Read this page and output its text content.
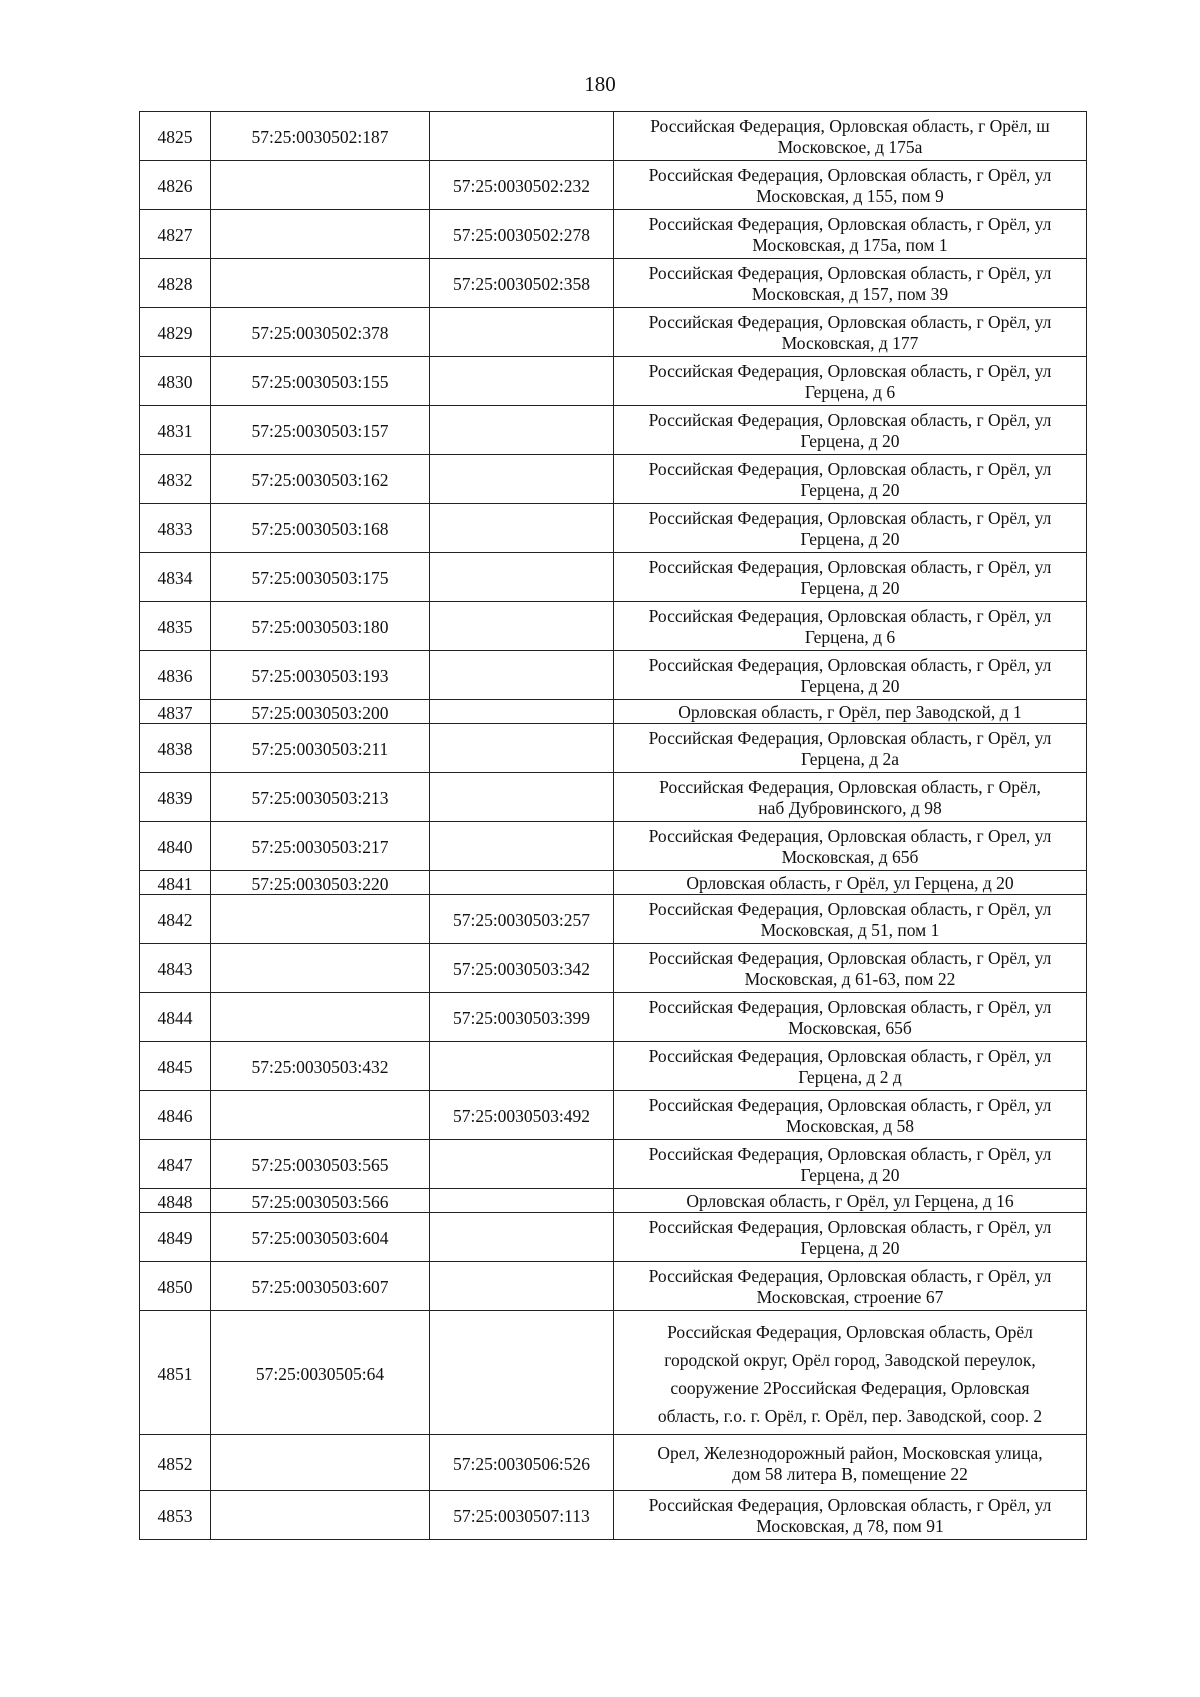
180
4825	57:25:0030502:187		Российская Федерация, Орловская область, г Орёл, ш
Московское, д 175а

4826		57:25:0030502:232	Российская Федерация, Орловская область, г Орёл, ул
Московская, д 155, пом 9

4827		57:25:0030502:278	Российская Федерация, Орловская область, г Орёл, ул
Московская, д 175а, пом 1

4828		57:25:0030502:358	Российская Федерация, Орловская область, г Орёл, ул
Московская, д 157, пом 39

4829	57:25:0030502:378		Российская Федерация, Орловская область, г Орёл, ул
Московская, д 177

4830	57:25:0030503:155		Российская Федерация, Орловская область, г Орёл, ул
Герцена, д 6

4831	57:25:0030503:157		Российская Федерация, Орловская область, г Орёл, ул
Герцена, д 20

4832	57:25:0030503:162		Российская Федерация, Орловская область, г Орёл, ул
Герцена, д 20

4833	57:25:0030503:168		Российская Федерация, Орловская область, г Орёл, ул
Герцена, д 20

4834	57:25:0030503:175		Российская Федерация, Орловская область, г Орёл, ул
Герцена, д 20

4835	57:25:0030503:180		Российская Федерация, Орловская область, г Орёл, ул
Герцена, д 6

4836	57:25:0030503:193		Российская Федерация, Орловская область, г Орёл, ул
Герцена, д 20

4837	57:25:0030503:200		Орловская область, г Орёл, пер Заводской, д 1

4838	57:25:0030503:211		Российская Федерация, Орловская область, г Орёл, ул
Герцена, д 2а

4839	57:25:0030503:213		Российская Федерация, Орловская область, г Орёл,
наб Дубровинского, д 98

4840	57:25:0030503:217		Российская Федерация, Орловская область, г Орел, ул
Московская, д 65б

4841	57:25:0030503:220		Орловская область, г Орёл, ул Герцена, д 20

4842		57:25:0030503:257	Российская Федерация, Орловская область, г Орёл, ул
Московская, д 51, пом 1

4843		57:25:0030503:342	Российская Федерация, Орловская область, г Орёл, ул
Московская, д 61-63, пом 22

4844		57:25:0030503:399	Российская Федерация, Орловская область, г Орёл, ул
Московская, 65б

4845	57:25:0030503:432		Российская Федерация, Орловская область, г Орёл, ул
Герцена, д 2 д

4846		57:25:0030503:492	Российская Федерация, Орловская область, г Орёл, ул
Московская, д 58

4847	57:25:0030503:565		Российская Федерация, Орловская область, г Орёл, ул
Герцена, д 20

4848	57:25:0030503:566		Орловская область, г Орёл, ул Герцена, д 16

4849	57:25:0030503:604		Российская Федерация, Орловская область, г Орёл, ул
Герцена, д 20

4850	57:25:0030503:607		Российская Федерация, Орловская область, г Орёл, ул
Московская, строение 67

4851	57:25:0030505:64		Российская Федерация, Орловская область, Орёл
городской округ, Орёл город, Заводской переулок,
сооружение 2Российская Федерация, Орловская
область, г.о. г. Орёл, г. Орёл, пер. Заводской, соор. 2

4852		57:25:0030506:526	Орел, Железнодорожный район, Московская улица,
дом 58 литера В, помещение 22

4853		57:25:0030507:113	Российская Федерация, Орловская область, г Орёл, ул
Московская, д 78, пом 91
